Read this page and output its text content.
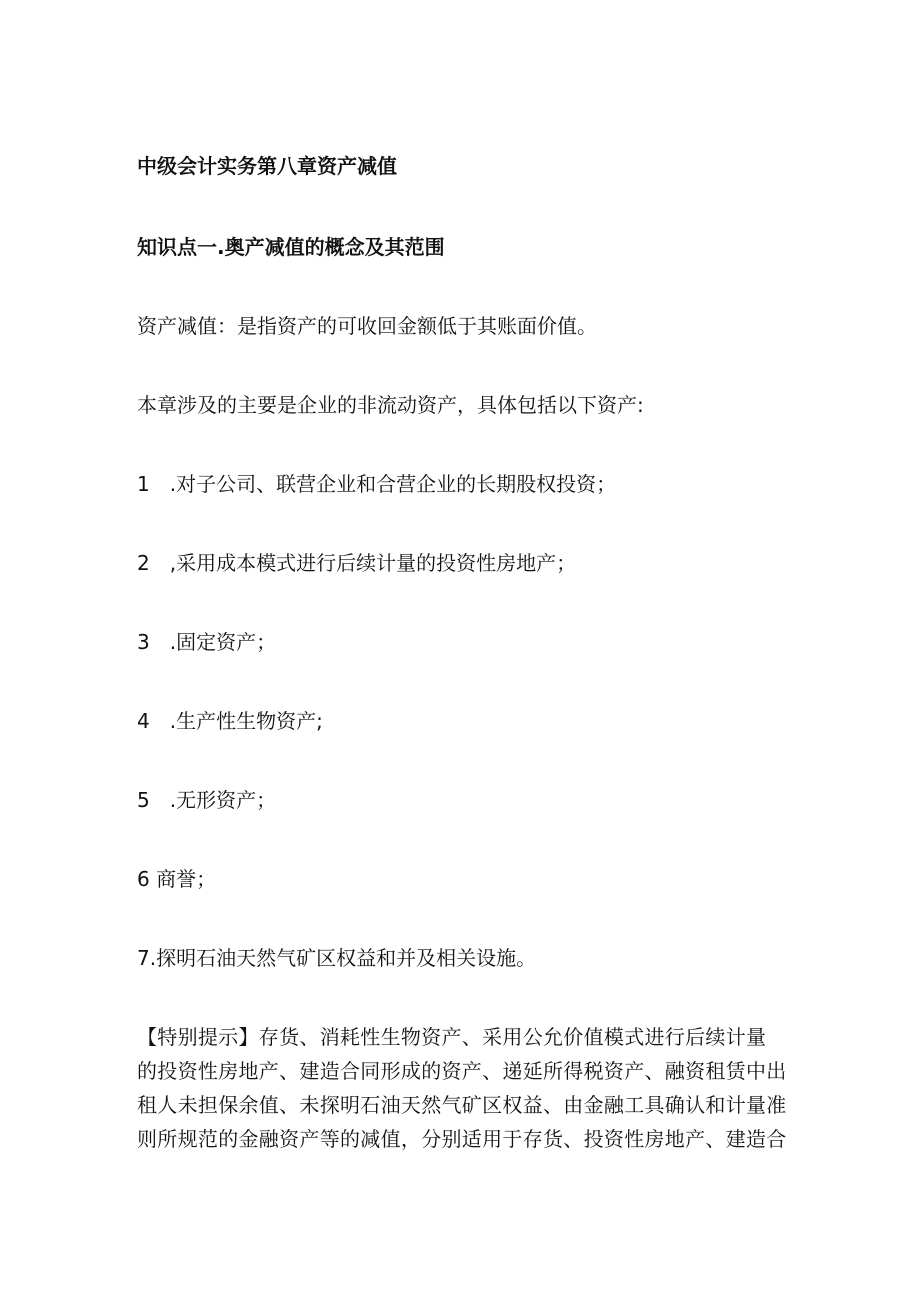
中级会计实务第八章资产减值
知识点一.奥产减值的概念及其范围
资产减值：是指资产的可收回金额低于其账面价值。
本章涉及的主要是企业的非流动资产，具体包括以下资产:
1　.对子公司、联营企业和合营企业的长期股权投资；
2　,采用成本模式进行后续计量的投资性房地产；
3　.固定资产；
4　.生产性生物资产;
5　.无形资产；
6 商誉；
7.探明石油天然气矿区权益和并及相关设施。
【特别提示】存货、消耗性生物资产、采用公允价值模式进行后续计量
的投资性房地产、建造合同形成的资产、递延所得税资产、融资租赁中出
租人未担保余值、未探明石油天然气矿区权益、由金融工具确认和计量准
则所规范的金融资产等的减值，分别适用于存货、投资性房地产、建造合
